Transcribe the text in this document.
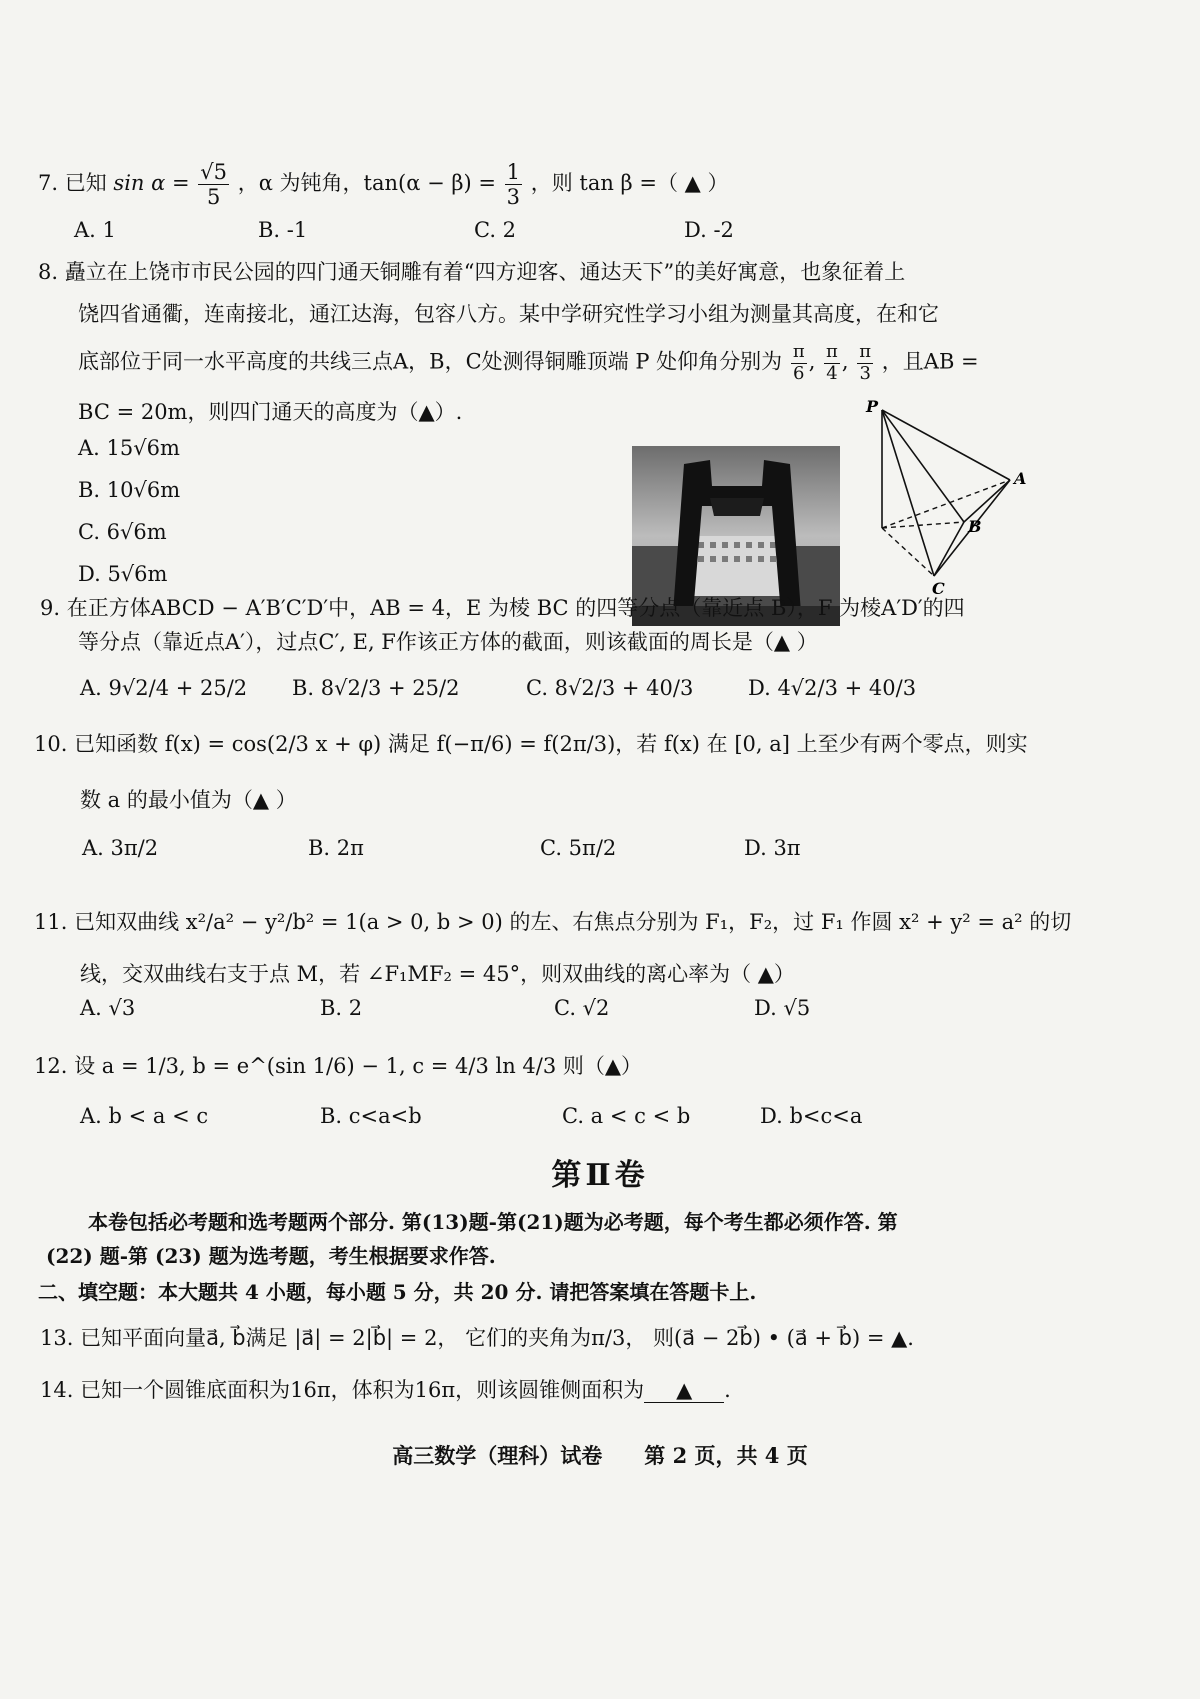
7. 已知 $\sin \alpha = \frac{√5}{5}$ ，α 为钝角，$\tan(\alpha - \beta) = \frac{1}{3}$ ，则 tan β =（ ▲ ）
A. 1	B. -1	C. 2	D. -2
8. 矗立在上饶市市民公园的四门通天铜雕有着“四方迎客、通达天下”的美好寓意，也象征着上
饶四省通衢，连南接北，通江达海，包容八方。某中学研究性学习小组为测量其高度，在和它
底部位于同一水平高度的共线三点A，B，C处测得铜雕顶端 P 处仰角分别为 $\frac{\pi}{6}$ , $\frac{\pi}{4}$ , $\frac{\pi}{3}$ ，且AB =
BC = 20m，则四门通天的高度为（▲）.
A. 15√6m
B. 10√6m
C. 6√6m
D. 5√6m
P
A
B
C
9. 在正方体ABCD − A′B′C′D′中，AB = 4，E 为棱 BC 的四等分点（靠近点 B），F 为棱A′D′的四
等分点（靠近点A′），过点C′, E, F作该正方体的截面，则该截面的周长是（▲ ）
A. 9√2/4 + 25/2 B. 8√2/3 + 25/2	C. 8√2/3 + 40/3	D. 4√2/3 + 40/3
10. 已知函数 f(x) = cos(2/3 x + φ) 满足 f(−π/6) = f(2π/3)，若 f(x) 在 [0, a] 上至少有两个零点，则实
数 a 的最小值为（▲ ）
A. 3π/2	B. 2π	C. 5π/2	D. 3π
11. 已知双曲线 x²/a² − y²/b² = 1(a > 0, b > 0) 的左、右焦点分别为 F₁，F₂，过 F₁ 作圆 x² + y² = a² 的切
线，交双曲线右支于点 M，若 ∠F₁MF₂ = 45°，则双曲线的离心率为（ ▲）
A. √3	B. 2	C. √2	D. √5
12. 设 a = 1/3, b = e^(sin 1/6) − 1, c = 4/3 ln 4/3 则（▲）
A. b < a < c	B. c<a<b	C. a < c < b	D. b<c<a
第Ⅱ卷
本卷包括必考题和选考题两个部分. 第(13)题-第(21)题为必考题，每个考生都必须作答. 第
(22) 题-第 (23) 题为选考题，考生根据要求作答.
二、填空题：本大题共 4 小题，每小题 5 分，共 20 分. 请把答案填在答题卡上.
13. 已知平面向量a⃗, b⃗满足 |a⃗| = 2|b⃗| = 2， 它们的夹角为π/3， 则(a⃗ − 2b⃗) • (a⃗ + b⃗) = ▲.
14. 已知一个圆锥底面积为16π，体积为16π，则该圆锥侧面积为 ▲ .
高三数学（理科）试卷　　第 2 页，共 4 页
